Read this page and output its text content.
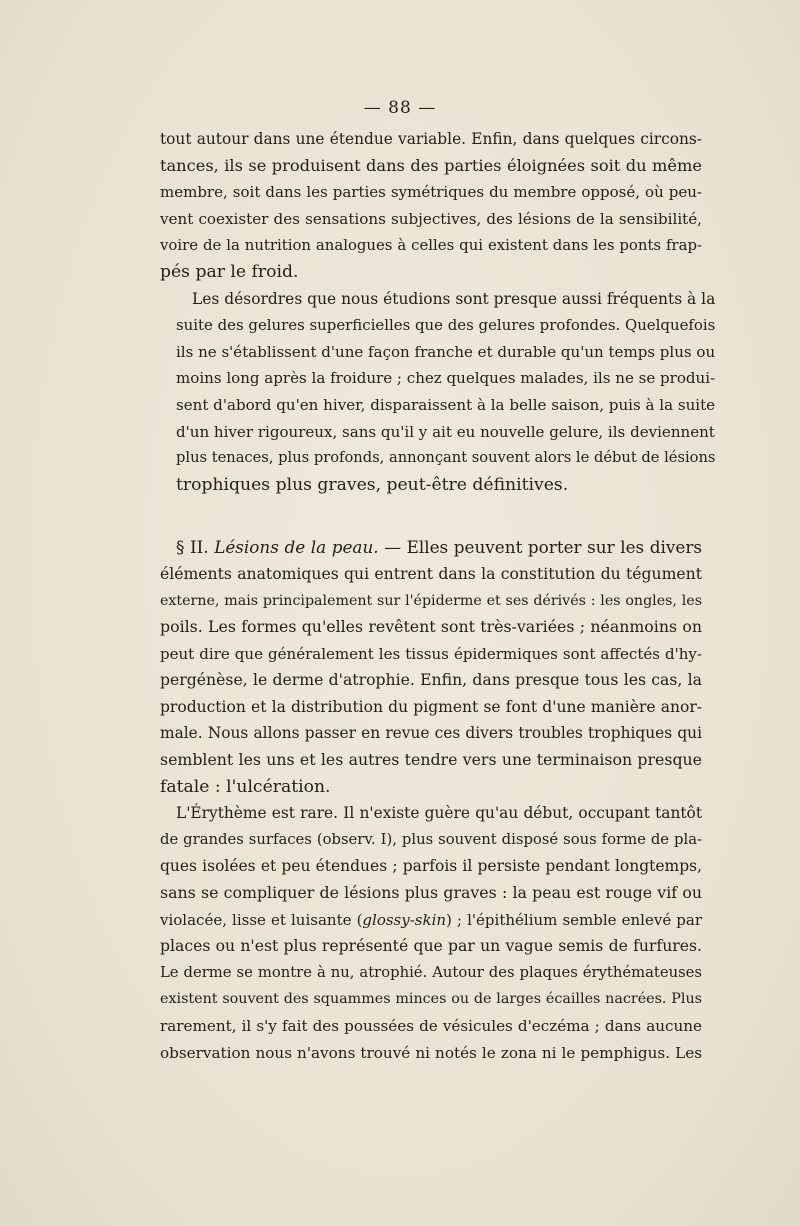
— 88 —

tout autour dans une étendue variable. Enfin, dans quelques circons-
tances, ils se produisent dans des parties éloignées soit du même
membre, soit dans les parties symétriques du membre opposé, où peu-
vent coexister des sensations subjectives, des lésions de la sensibilité,
voire de la nutrition analogues à celles qui existent dans les ponts frap-
pés par le froid.

Les désordres que nous étudions sont presque aussi fréquents à la
suite des gelures superficielles que des gelures profondes. Quelquefois
ils ne s'établissent d'une façon franche et durable qu'un temps plus ou
moins long après la froidure ; chez quelques malades, ils ne se produi-
sent d'abord qu'en hiver, disparaissent à la belle saison, puis à la suite
d'un hiver rigoureux, sans qu'il y ait eu nouvelle gelure, ils deviennent
plus tenaces, plus profonds, annonçant souvent alors le début de lésions
trophiques plus graves, peut-être définitives.

§ II. Lésions de la peau. — Elles peuvent porter sur les divers
éléments anatomiques qui entrent dans la constitution du tégument
externe, mais principalement sur l'épiderme et ses dérivés : les ongles, les
poils. Les formes qu'elles revêtent sont très-variées ; néanmoins on
peut dire que généralement les tissus épidermiques sont affectés d'hy-
pergénèse, le derme d'atrophie. Enfin, dans presque tous les cas, la
production et la distribution du pigment se font d'une manière anor-
male. Nous allons passer en revue ces divers troubles trophiques qui
semblent les uns et les autres tendre vers une terminaison presque
fatale : l'ulcération.

L'Érythème est rare. Il n'existe guère qu'au début, occupant tantôt
de grandes surfaces (observ. I), plus souvent disposé sous forme de pla-
ques isolées et peu étendues ; parfois il persiste pendant longtemps,
sans se compliquer de lésions plus graves : la peau est rouge vif ou
violacée, lisse et luisante (glossy-skin) ; l'épithélium semble enlevé par
places ou n'est plus représenté que par un vague semis de furfures.
Le derme se montre à nu, atrophié. Autour des plaques érythémateuses
existent souvent des squammes minces ou de larges écailles nacrées. Plus
rarement, il s'y fait des poussées de vésicules d'eczéma ; dans aucune
observation nous n'avons trouvé ni notés le zona ni le pemphigus. Les
